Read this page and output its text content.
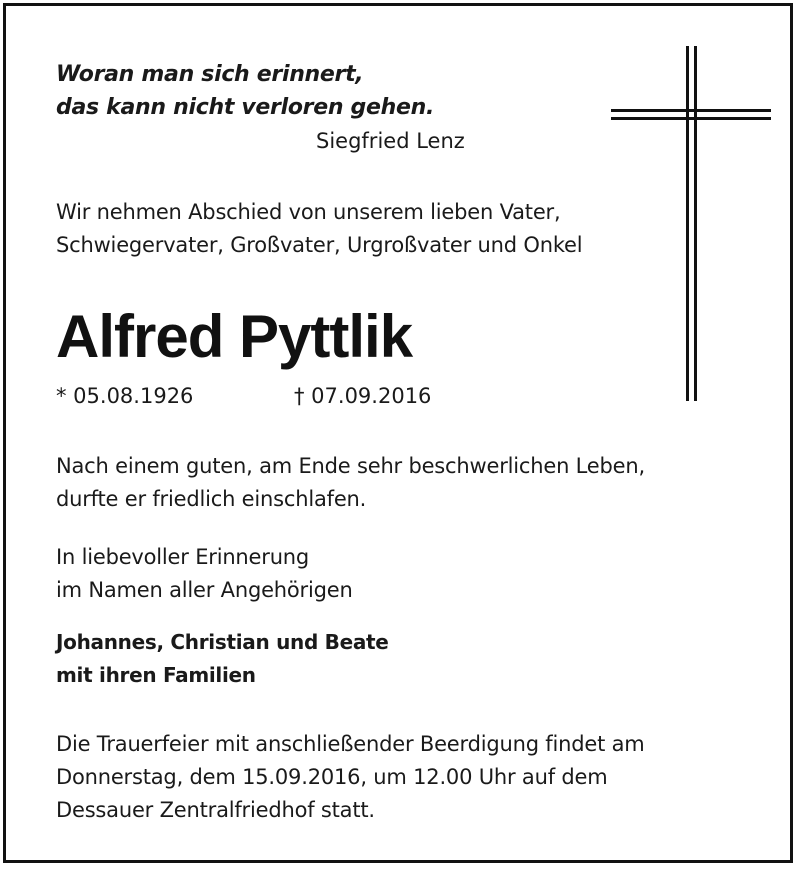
Woran man sich erinnert,
das kann nicht verloren gehen.
Siegfried Lenz
Wir nehmen Abschied von unserem lieben Vater,
Schwiegervater, Großvater, Urgroßvater und Onkel
Alfred Pyttlik
* 05.08.1926	† 07.09.2016
Nach einem guten, am Ende sehr beschwerlichen Leben,
durfte er friedlich einschlafen.
In liebevoller Erinnerung
im Namen aller Angehörigen
Johannes, Christian und Beate
mit ihren Familien
Die Trauerfeier mit anschließender Beerdigung findet am
Donnerstag, dem 15.09.2016, um 12.00 Uhr auf dem
Dessauer Zentralfriedhof statt.
